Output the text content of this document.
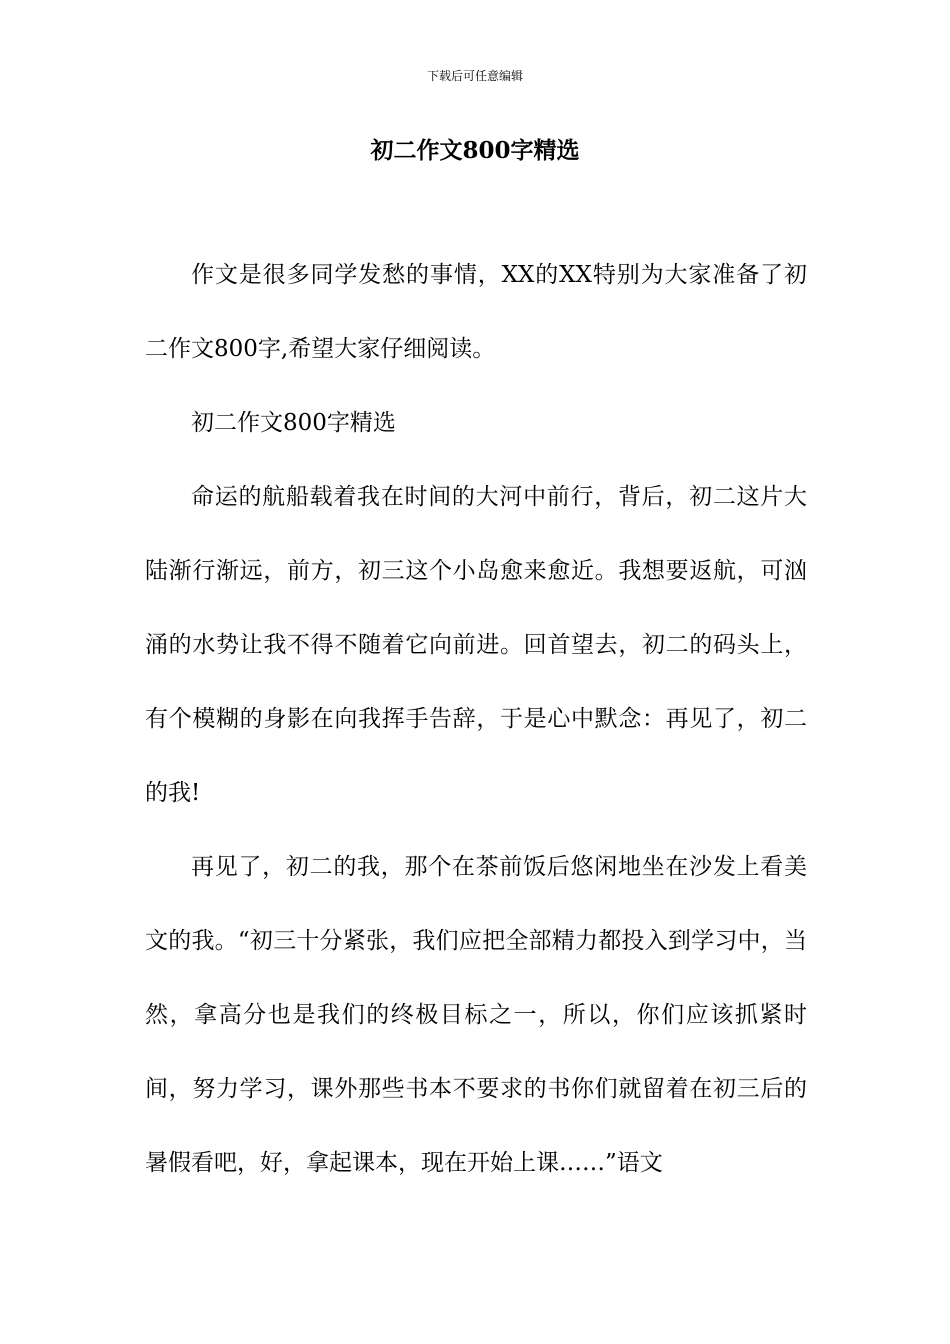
下载后可任意编辑
初二作文800字精选

作文是很多同学发愁的事情，XX的XX特别为大家准备了初二作文800字,希望大家仔细阅读。

初二作文800字精选

命运的航船载着我在时间的大河中前行，背后，初二这片大陆渐行渐远，前方，初三这个小岛愈来愈近。我想要返航，可汹涌的水势让我不得不随着它向前进。回首望去，初二的码头上，有个模糊的身影在向我挥手告辞，于是心中默念：再见了，初二的我!

再见了，初二的我，那个在茶前饭后悠闲地坐在沙发上看美文的我。“初三十分紧张，我们应把全部精力都投入到学习中，当然，拿高分也是我们的终极目标之一，所以，你们应该抓紧时间，努力学习，课外那些书本不要求的书你们就留着在初三后的暑假看吧，好，拿起课本，现在开始上课……”语文
